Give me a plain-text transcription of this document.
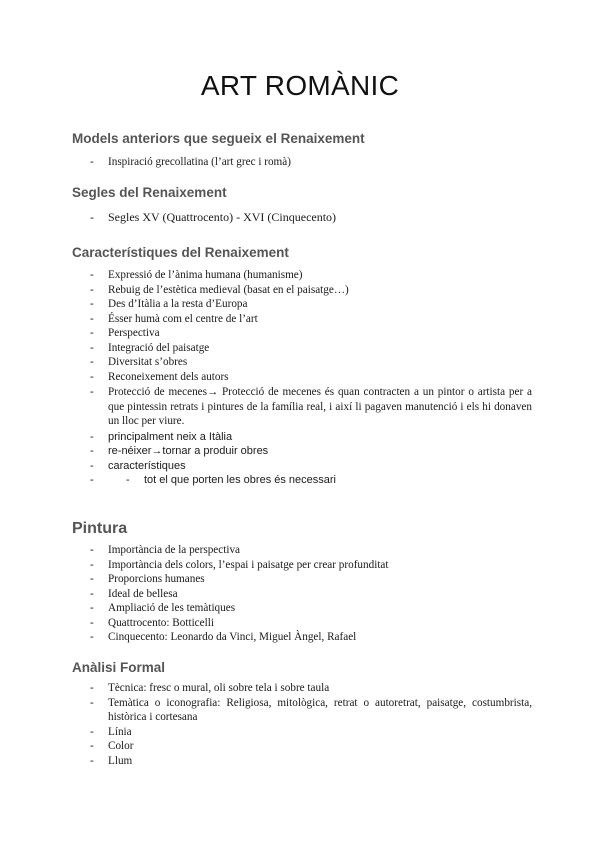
ART ROMÀNIC
Models anteriors que segueix el Renaixement
- Inspiració grecollatina (l’art grec i romà)
Segles del Renaixement
- Segles XV (Quattrocento) - XVI (Cinquecento)
Característiques del Renaixement
- Expressió de l’ànima humana (humanisme)
- Rebuig de l’estètica medieval (basat en el paisatge…)
- Des d’Itàlia a la resta d’Europa
- Ésser humà com el centre de l’art
- Perspectiva
- Integració del paisatge
- Diversitat s’obres
- Reconeixement dels autors
- Protecció de mecenes→ Protecció de mecenes és quan contracten a un pintor o artista per a que pintessin retrats i pintures de la família real, i així li pagaven manutenció i els hi donaven un lloc per viure.
- principalment neix a Itàlia
- re-néixer→tornar a produir obres
- característiques
- - tot el que porten les obres és necessari
Pintura
- Importància de la perspectiva
- Importància dels colors, l’espai i paisatge per crear profunditat
- Proporcions humanes
- Ideal de bellesa
- Ampliació de les temàtiques
- Quattrocento: Botticelli
- Cinquecento: Leonardo da Vinci, Miguel Àngel, Rafael
Anàlisi Formal
- Tècnica: fresc o mural, oli sobre tela i sobre taula
- Temàtica o iconografia: Religiosa, mitològica, retrat o autoretrat, paisatge, costumbrista, històrica i cortesana
- Línia
- Color
- Llum
